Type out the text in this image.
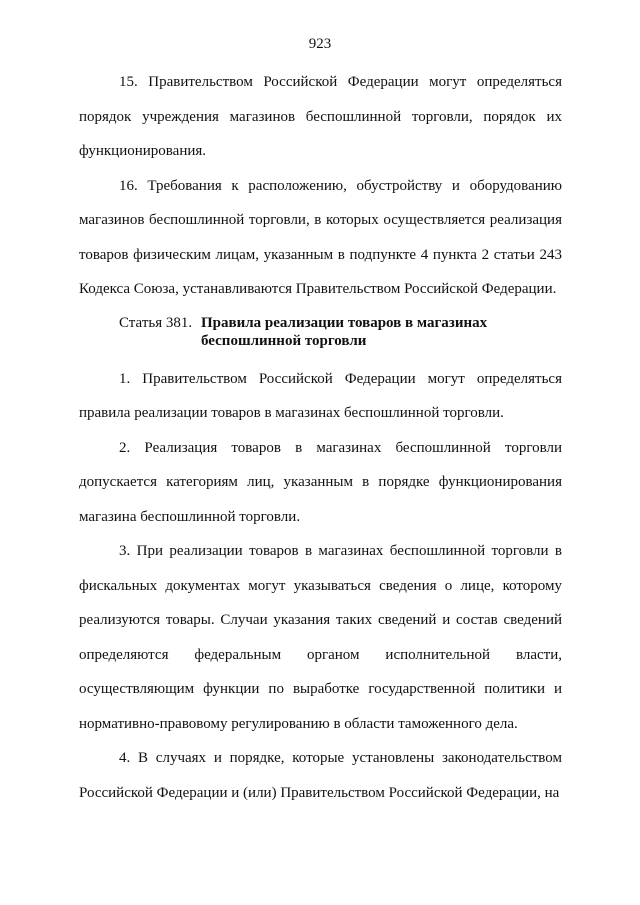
923

15. Правительством Российской Федерации могут определяться порядок учреждения магазинов беспошлинной торговли, порядок их функционирования.

16. Требования к расположению, обустройству и оборудованию магазинов беспошлинной торговли, в которых осуществляется реализация товаров физическим лицам, указанным в подпункте 4 пункта 2 статьи 243 Кодекса Союза, устанавливаются Правительством Российской Федерации.

Статья 381. Правила реализации товаров в магазинах беспошлинной торговли

1. Правительством Российской Федерации могут определяться правила реализации товаров в магазинах беспошлинной торговли.

2. Реализация товаров в магазинах беспошлинной торговли допускается категориям лиц, указанным в порядке функционирования магазина беспошлинной торговли.

3. При реализации товаров в магазинах беспошлинной торговли в фискальных документах могут указываться сведения о лице, которому реализуются товары. Случаи указания таких сведений и состав сведений определяются федеральным органом исполнительной власти, осуществляющим функции по выработке государственной политики и нормативно-правовому регулированию в области таможенного дела.

4. В случаях и порядке, которые установлены законодательством Российской Федерации и (или) Правительством Российской Федерации, на
